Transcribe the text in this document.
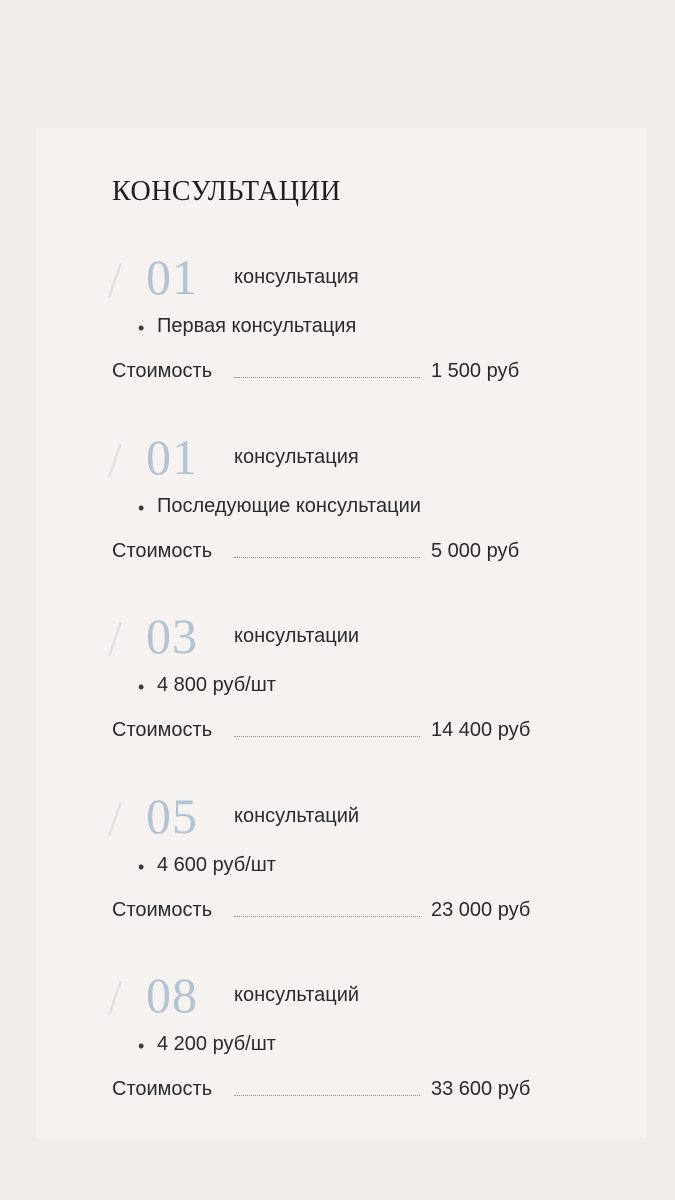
КОНСУЛЬТАЦИИ
/ 01 консультация
• Первая консультация
Стоимость	1 500 руб
/ 01 консультация
• Последующие консультации
Стоимость	5 000 руб
/ 03 консультации
• 4 800 руб/шт
Стоимость	14 400 руб
/ 05 консультаций
• 4 600 руб/шт
Стоимость	23 000 руб
/ 08 консультаций
• 4 200 руб/шт
Стоимость	33 600 руб
